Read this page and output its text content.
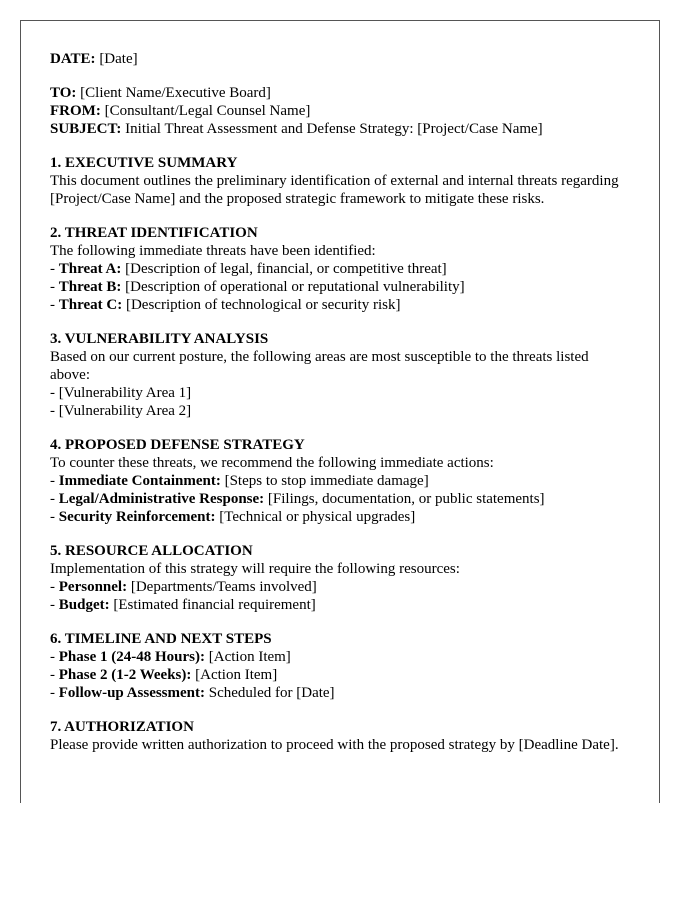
DATE: [Date]
TO: [Client Name/Executive Board]
FROM: [Consultant/Legal Counsel Name]
SUBJECT: Initial Threat Assessment and Defense Strategy: [Project/Case Name]
1. EXECUTIVE SUMMARY
This document outlines the preliminary identification of external and internal threats regarding [Project/Case Name] and the proposed strategic framework to mitigate these risks.
2. THREAT IDENTIFICATION
The following immediate threats have been identified:
- Threat A: [Description of legal, financial, or competitive threat]
- Threat B: [Description of operational or reputational vulnerability]
- Threat C: [Description of technological or security risk]
3. VULNERABILITY ANALYSIS
Based on our current posture, the following areas are most susceptible to the threats listed above:
- [Vulnerability Area 1]
- [Vulnerability Area 2]
4. PROPOSED DEFENSE STRATEGY
To counter these threats, we recommend the following immediate actions:
- Immediate Containment: [Steps to stop immediate damage]
- Legal/Administrative Response: [Filings, documentation, or public statements]
- Security Reinforcement: [Technical or physical upgrades]
5. RESOURCE ALLOCATION
Implementation of this strategy will require the following resources:
- Personnel: [Departments/Teams involved]
- Budget: [Estimated financial requirement]
6. TIMELINE AND NEXT STEPS
- Phase 1 (24-48 Hours): [Action Item]
- Phase 2 (1-2 Weeks): [Action Item]
- Follow-up Assessment: Scheduled for [Date]
7. AUTHORIZATION
Please provide written authorization to proceed with the proposed strategy by [Deadline Date].
